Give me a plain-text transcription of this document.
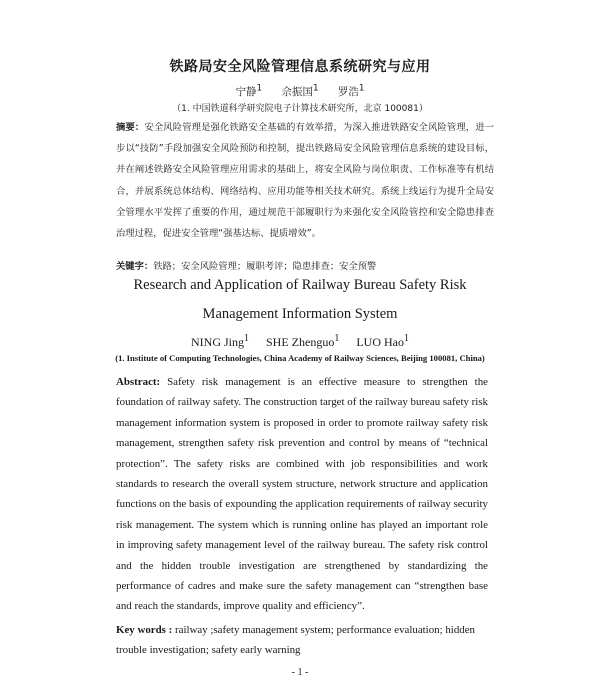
铁路局安全风险管理信息系统研究与应用
宁静$^1$ 佘振国$^1$ 罗浩$^1$
（1. 中国铁道科学研究院电子计算技术研究所，北京 100081）

摘要：安全风险管理是强化铁路安全基础的有效举措，为深入推进铁路安全风险管理，进一步以“技防”手段加强安全风险预防和控制，提出铁路局安全风险管理信息系统的建设目标，并在阐述铁路安全风险管理应用需求的基础上，将安全风险与岗位职责、工作标准等有机结合，并展系统总体结构、网络结构、应用功能等相关技术研究。系统上线运行为提升全局安全管理水平发挥了重要的作用，通过规范干部履职行为来强化安全风险管控和安全隐患排查治理过程，促进安全管理“强基达标、提质增效”。

关键字：铁路；安全风险管理；履职考评；隐患排查；安全预警
Research and Application of Railway Bureau Safety Risk
Management Information System
NING Jing$^1$ SHE Zhenguo$^1$ LUO Hao$^1$
(1. Institute of Computing Technologies, China Academy of Railway Sciences, Beijing 100081, China)

Abstract: Safety risk management is an effective measure to strengthen the foundation of railway safety. The construction target of the railway bureau safety risk management information system is proposed in order to promote railway safety risk management, strengthen safety risk prevention and control by means of “technical protection”. The safety risks are combined with job responsibilities and work standards to research the overall system structure, network structure and application functions on the basis of expounding the application requirements of railway security risk management. The system which is running online has played an important role in improving safety management level of the railway bureau. The safety risk control and the hidden trouble investigation are strengthened by standardizing the performance of cadres and make sure the safety management can “strengthen base and reach the standards, improve quality and efficiency”.

Key words : railway ;safety management system; performance evaluation; hidden trouble investigation; safety early warning

- 1 -
